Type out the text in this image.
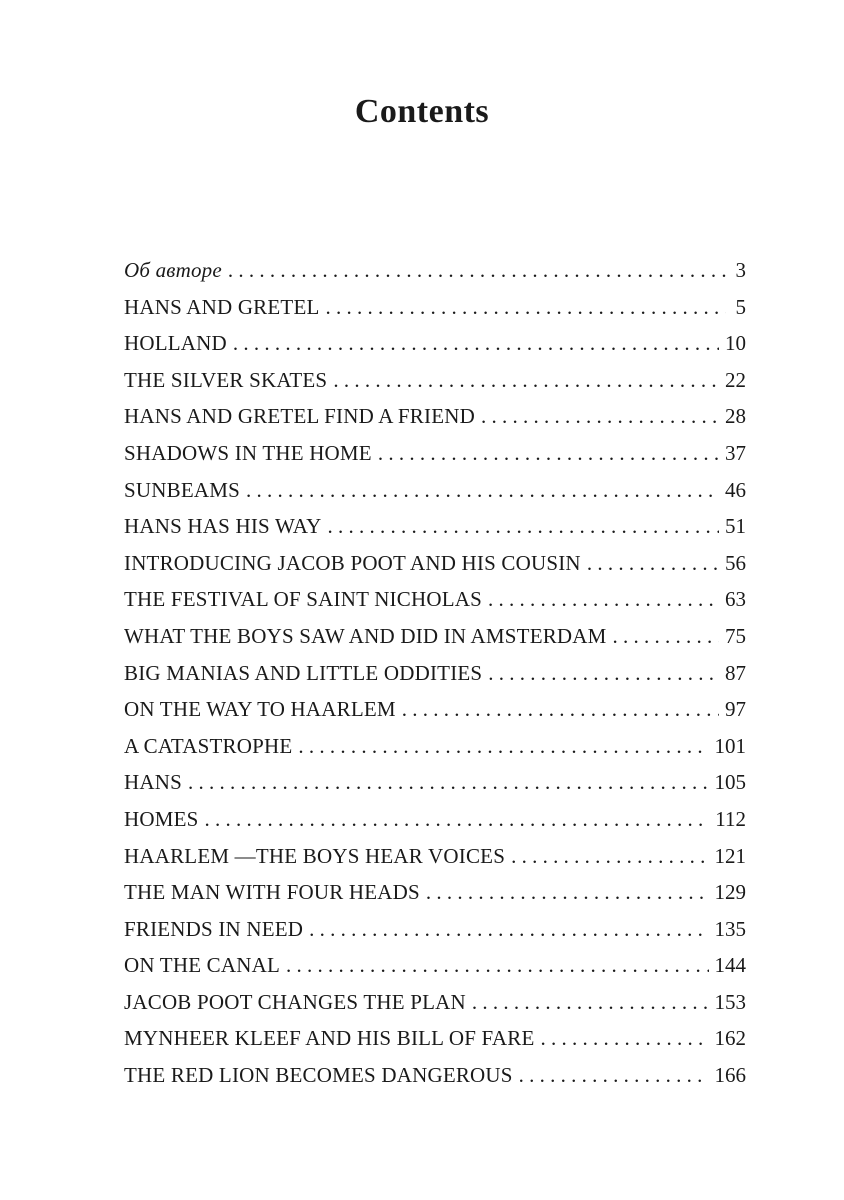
Contents
Об авторе . . .	3
HANS AND GRETEL . . .	5
HOLLAND . . .	10
THE SILVER SKATES . . .	22
HANS AND GRETEL FIND A FRIEND . . .	28
SHADOWS IN THE HOME . . .	37
SUNBEAMS . . .	46
HANS HAS HIS WAY . . .	51
INTRODUCING JACOB POOT AND HIS COUSIN . . .	56
THE FESTIVAL OF SAINT NICHOLAS . . .	63
WHAT THE BOYS SAW AND DID IN AMSTERDAM . . .	75
BIG MANIAS AND LITTLE ODDITIES . . .	87
ON THE WAY TO HAARLEM . . .	97
A CATASTROPHE . . .	101
HANS . . .	105
HOMES . . .	112
HAARLEM —THE BOYS HEAR VOICES . . .	121
THE MAN WITH FOUR HEADS . . .	129
FRIENDS IN NEED . . .	135
ON THE CANAL . . .	144
JACOB POOT CHANGES THE PLAN . . .	153
MYNHEER KLEEF AND HIS BILL OF FARE . . .	162
THE RED LION BECOMES DANGEROUS . . .	166
